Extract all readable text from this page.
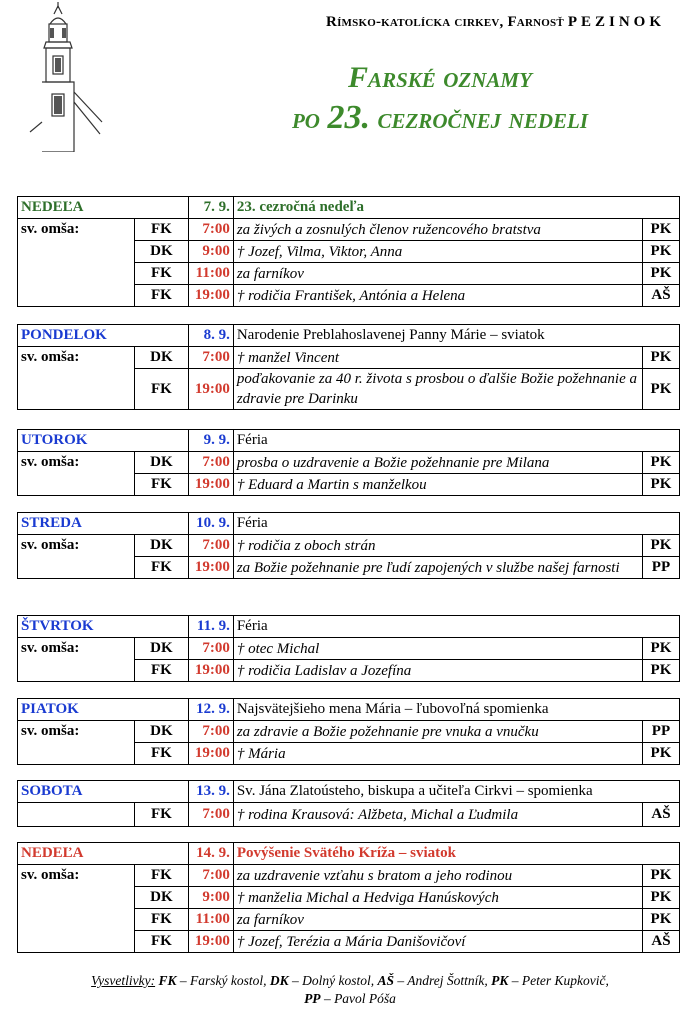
Rímsko-katolícka cirkev, Farnosť PEZINOK
Farské oznamy
po 23. cezročnej nedeli
NEDEĽA		7. 9.	23. cezročná nedeľa	
sv. omša:	FK	7:00	za živých a zosnulých členov ružencového bratstva	PK
	DK	9:00	† Jozef, Vilma, Viktor, Anna	PK
	FK	11:00	za farníkov	PK
	FK	19:00	† rodičia František, Antónia a Helena	AŠ
PONDELOK		8. 9.	Narodenie Preblahoslavenej Panny Márie – sviatok	
sv. omša:	DK	7:00	† manžel Vincent	PK
	FK	19:00	poďakovanie za 40 r. života s prosbou o ďalšie Božie požehnanie a zdravie pre Darinku	PK
UTOROK		9. 9.	Féria	
sv. omša:	DK	7:00	prosba o uzdravenie a Božie požehnanie pre Milana	PK
	FK	19:00	† Eduard a Martin s manželkou	PK
STREDA		10. 9.	Féria	
sv. omša:	DK	7:00	† rodičia z oboch strán	PK
	FK	19:00	za Božie požehnanie pre ľudí zapojených v službe našej farnosti	PP
ŠTVRTOK		11. 9.	Féria	
sv. omša:	DK	7:00	† otec Michal	PK
	FK	19:00	† rodičia Ladislav a Jozefína	PK
PIATOK		12. 9.	Najsvätejšieho mena Mária – ľubovoľná spomienka	
sv. omša:	DK	7:00	za zdravie a Božie požehnanie pre vnuka a vnučku	PP
	FK	19:00	† Mária	PK
SOBOTA		13. 9.	Sv. Jána Zlatoústeho, biskupa a učiteľa Cirkvi – spomienka	
	FK	7:00	† rodina Krausová: Alžbeta, Michal a Ľudmila	AŠ
NEDEĽA		14. 9.	Povýšenie Svätého Kríža – sviatok	
sv. omša:	FK	7:00	za uzdravenie vzťahu s bratom a jeho rodinou	PK
	DK	9:00	† manželia Michal a Hedviga Hanúskových	PK
	FK	11:00	za farníkov	PK
	FK	19:00	† Jozef, Terézia a Mária Danišovičoví	AŠ
Vysvetlivky: FK – Farský kostol, DK – Dolný kostol, AŠ – Andrej Šottník, PK – Peter Kupkovič,
PP – Pavol Póša
